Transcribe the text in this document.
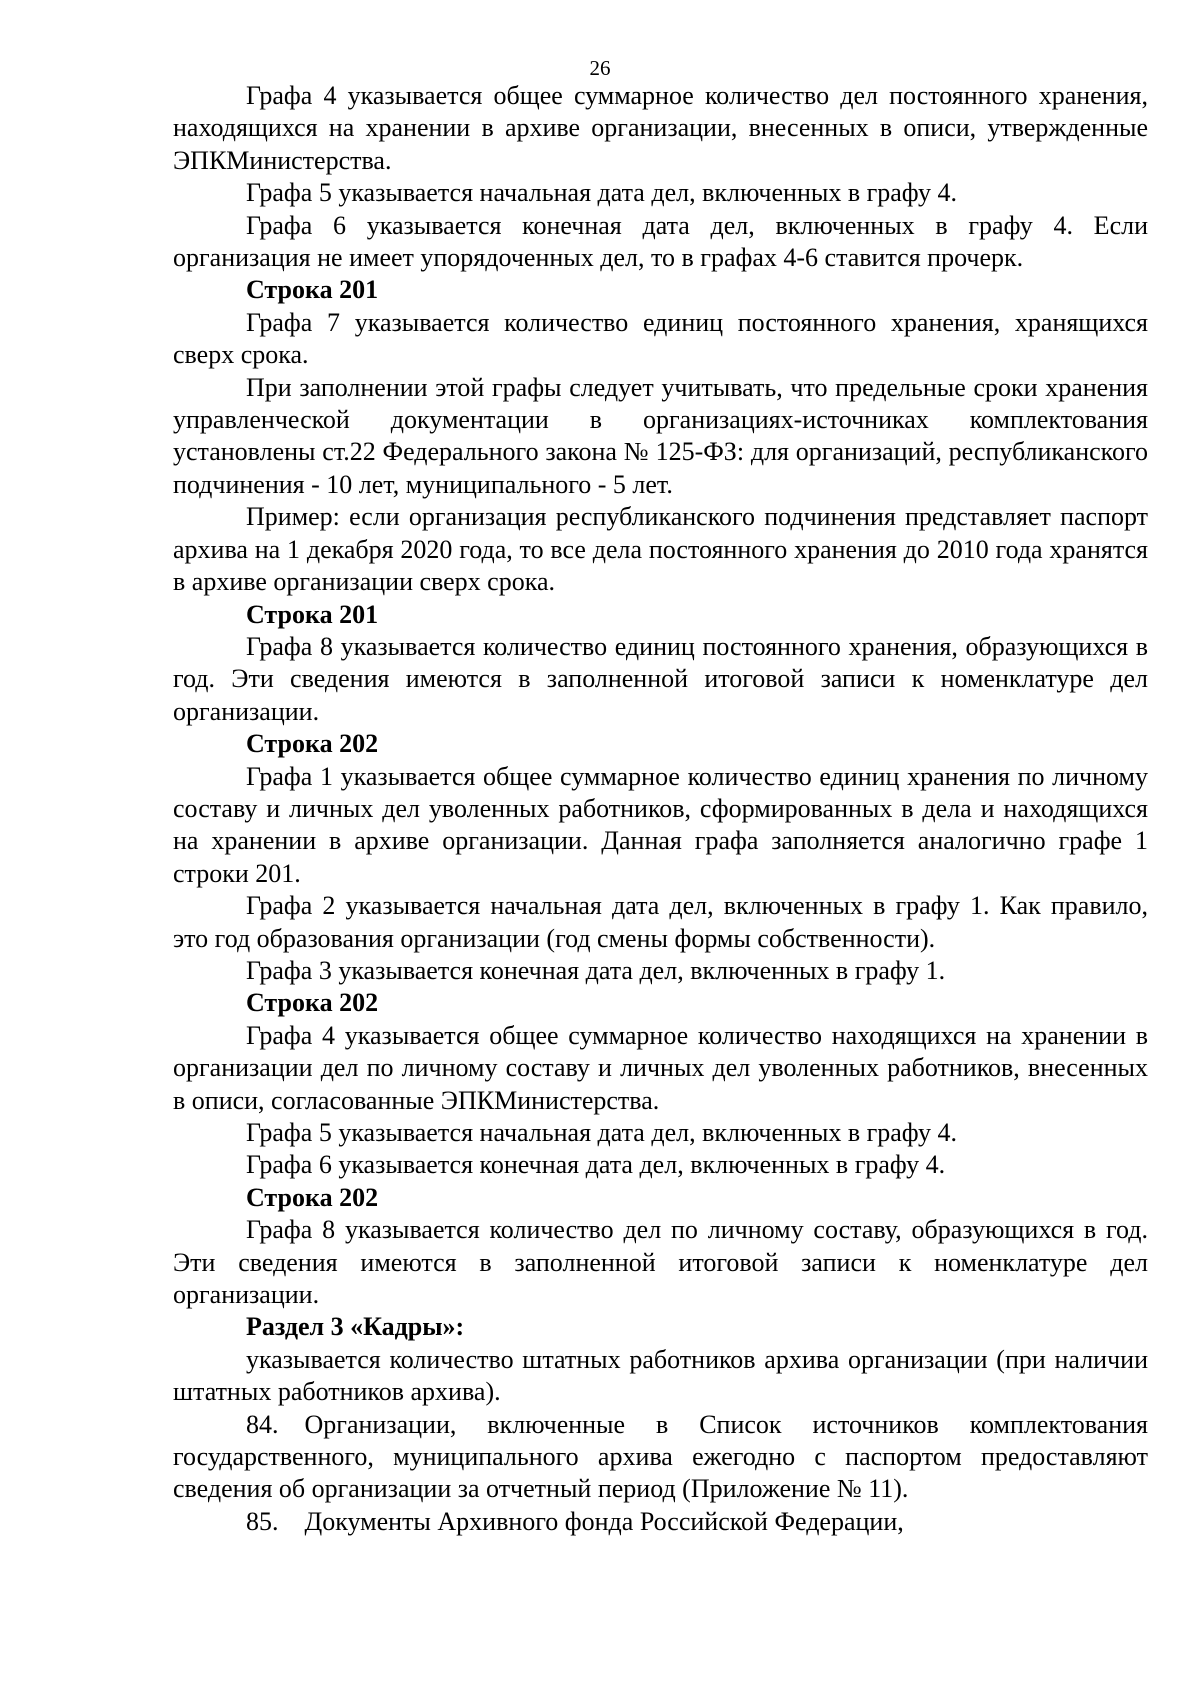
26

Графа 4 указывается общее суммарное количество дел постоянного хранения, находящихся на хранении в архиве организации, внесенных в описи, утвержденные ЭПКМинистерства.

Графа 5 указывается начальная дата дел, включенных в графу 4.

Графа 6 указывается конечная дата дел, включенных в графу 4. Если организация не имеет упорядоченных дел, то в графах 4-6 ставится прочерк.

Строка 201

Графа 7 указывается количество единиц постоянного хранения, хранящихся сверх срока.

При заполнении этой графы следует учитывать, что предельные сроки хранения управленческой документации в организациях-источниках комплектования установлены ст.22 Федерального закона № 125-ФЗ: для организаций, республиканского подчинения - 10 лет, муниципального - 5 лет.

Пример: если организация республиканского подчинения представляет паспорт архива на 1 декабря 2020 года, то все дела постоянного хранения до 2010 года хранятся в архиве организации сверх срока.

Строка 201

Графа 8 указывается количество единиц постоянного хранения, образующихся в год. Эти сведения имеются в заполненной итоговой записи к номенклатуре дел организации.

Строка 202

Графа 1 указывается общее суммарное количество единиц хранения по личному составу и личных дел уволенных работников, сформированных в дела и находящихся на хранении в архиве организации. Данная графа заполняется аналогично графе 1 строки 201.

Графа 2 указывается начальная дата дел, включенных в графу 1. Как правило, это год образования организации (год смены формы собственности).

Графа 3 указывается конечная дата дел, включенных в графу 1.

Строка 202

Графа 4 указывается общее суммарное количество находящихся на хранении в организации дел по личному составу и личных дел уволенных работников, внесенных в описи, согласованные ЭПКМинистерства.

Графа 5 указывается начальная дата дел, включенных в графу 4.

Графа 6 указывается конечная дата дел, включенных в графу 4.

Строка 202

Графа 8 указывается количество дел по личному составу, образующихся в год. Эти сведения имеются в заполненной итоговой записи к номенклатуре дел организации.

Раздел 3 «Кадры»:

указывается количество штатных работников архива организации (при наличии штатных работников архива).

84. Организации, включенные в Список источников комплектования государственного, муниципального архива ежегодно с паспортом предоставляют сведения об организации за отчетный период (Приложение № 11).

85. Документы Архивного фонда Российской Федерации,
